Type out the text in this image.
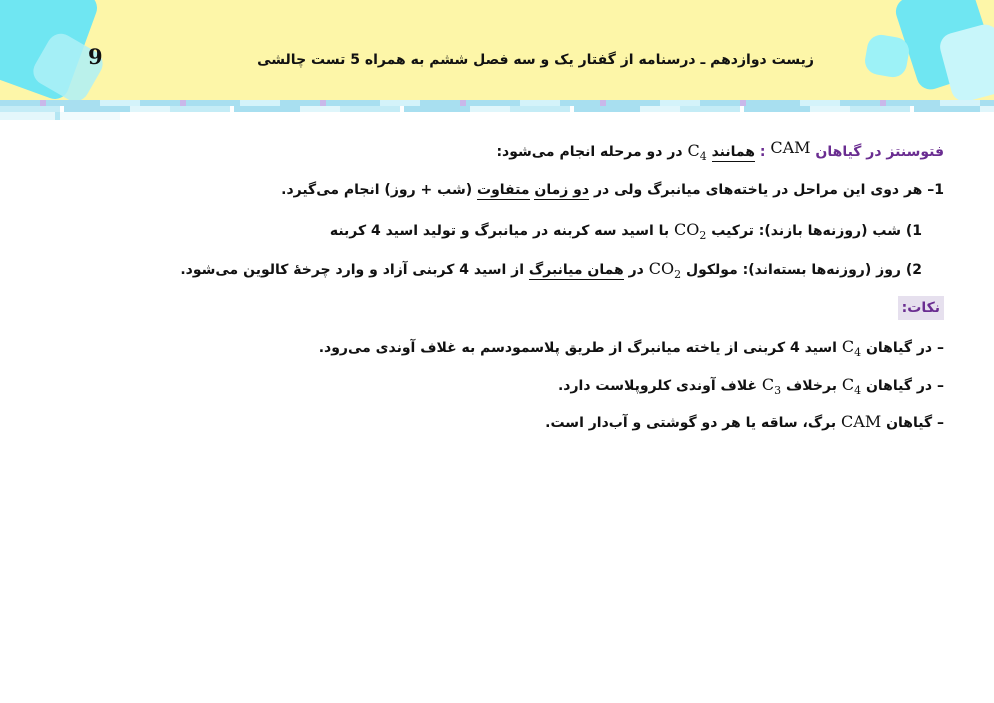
9	زیست دوازدهم ـ درسنامه از گفتار یک و سه فصل ششم به همراه 5 تست چالشی
فتوسنتز در گیاهان CAM : همانند $C_4$ در دو مرحله انجام می‌شود:
1– هر دوی این مراحل در یاخته‌های میانبرگ ولی در دو زمان متفاوت (شب + روز) انجام می‌گیرد.
1) شب (روزنه‌ها بازند): ترکیب $CO_2$ با اسید سه کربنه در میانبرگ و تولید اسید 4 کربنه
2) روز (روزنه‌ها بسته‌اند): مولکول $CO_2$ در همان میانبرگ از اسید 4 کربنی آزاد و وارد چرخۀ کالوین می‌شود.
نکات:
– در گیاهان $C_4$ اسید 4 کربنی از یاخته میانبرگ از طریق پلاسمودسم به غلاف آوندی می‌رود.
– در گیاهان $C_4$ برخلاف $C_3$ غلاف آوندی کلروپلاست دارد.
– گیاهان CAM برگ، ساقه یا هر دو گوشتی و آب‌دار است.
